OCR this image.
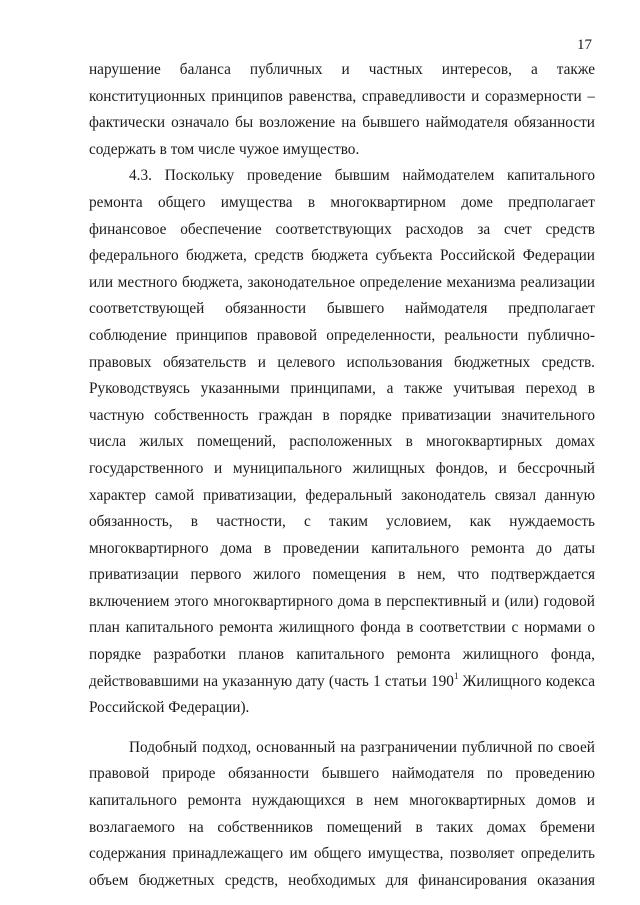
17
нарушение баланса публичных и частных интересов, а также
конституционных принципов равенства, справедливости и соразмерности –
фактически означало бы возложение на бывшего наймодателя обязанности
содержать в том числе чужое имущество.
4.3. Поскольку проведение бывшим наймодателем капитального
ремонта общего имущества в многоквартирном доме предполагает
финансовое обеспечение соответствующих расходов за счет средств
федерального бюджета, средств бюджета субъекта Российской Федерации
или местного бюджета, законодательное определение механизма реализации
соответствующей обязанности бывшего наймодателя предполагает
соблюдение принципов правовой определенности, реальности публично-
правовых обязательств и целевого использования бюджетных средств.
Руководствуясь указанными принципами, а также учитывая переход в
частную собственность граждан в порядке приватизации значительного
числа жилых помещений, расположенных в многоквартирных домах
государственного и муниципального жилищных фондов, и бессрочный
характер самой приватизации, федеральный законодатель связал данную
обязанность, в частности, с таким условием, как нуждаемость
многоквартирного дома в проведении капитального ремонта до даты
приватизации первого жилого помещения в нем, что подтверждается
включением этого многоквартирного дома в перспективный и (или) годовой
план капитального ремонта жилищного фонда в соответствии с нормами о
порядке разработки планов капитального ремонта жилищного фонда,
действовавшими на указанную дату (часть 1 статьи 190$^1$ Жилищного кодекса
Российской Федерации).
Подобный подход, основанный на разграничении публичной по своей
правовой природе обязанности бывшего наймодателя по проведению
капитального ремонта нуждающихся в нем многоквартирных домов и
возлагаемого на собственников помещений в таких домах бремени
содержания принадлежащего им общего имущества, позволяет определить
объем бюджетных средств, необходимых для финансирования оказания
